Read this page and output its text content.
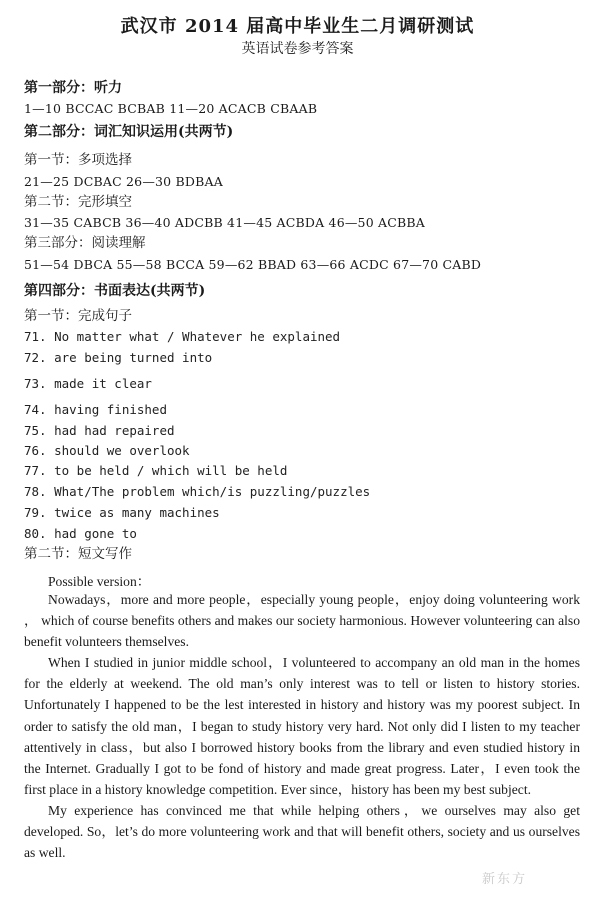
武汉市 2014 届高中毕业生二月调研测试
英语试卷参考答案
第一部分：听力
1—10 BCCAC BCBAB 11—20 ACACB CBAAB
第二部分：词汇知识运用(共两节)
第一节：多项选择
21—25 DCBAC 26—30 BDBAA
第二节：完形填空
31—35 CABCB 36—40 ADCBB 41—45 ACBDA 46—50 ACBBA
第三部分：阅读理解
51—54 DBCA 55—58 BCCA 59—62 BBAD 63—66 ACDC 67—70 CABD
第四部分：书面表达(共两节)
第一节：完成句子
71. No matter what / Whatever he explained
72. are being turned into
73. made it clear
74. having finished
75. had had repaired
76. should we overlook
77. to be held / which will be held
78. What/The problem which/is puzzling/puzzles
79. twice as many machines
80. had gone to
第二节：短文写作
Possible version：

Nowadays，more and more people，especially young people，enjoy doing volunteering work ， which of course benefits others and makes our society harmonious. However volunteering can also benefit volunteers themselves.

When I studied in junior middle school，I volunteered to accompany an old man in the homes for the elderly at weekend. The old man’s only interest was to tell or listen to history stories. Unfortunately I happened to be the lest interested in history and history was my poorest subject. In order to satisfy the old man，I began to study history very hard. Not only did I listen to my teacher attentively in class，but also I borrowed history books from the library and even studied history in the Internet. Gradually I got to be fond of history and made great progress. Later，I even took the first place in a history knowledge competition. Ever since，history has been my best subject.

My experience has convinced me that while helping others，we ourselves may also get developed. So，let’s do more volunteering work and that will benefit others, society and us ourselves as well.

新东方
